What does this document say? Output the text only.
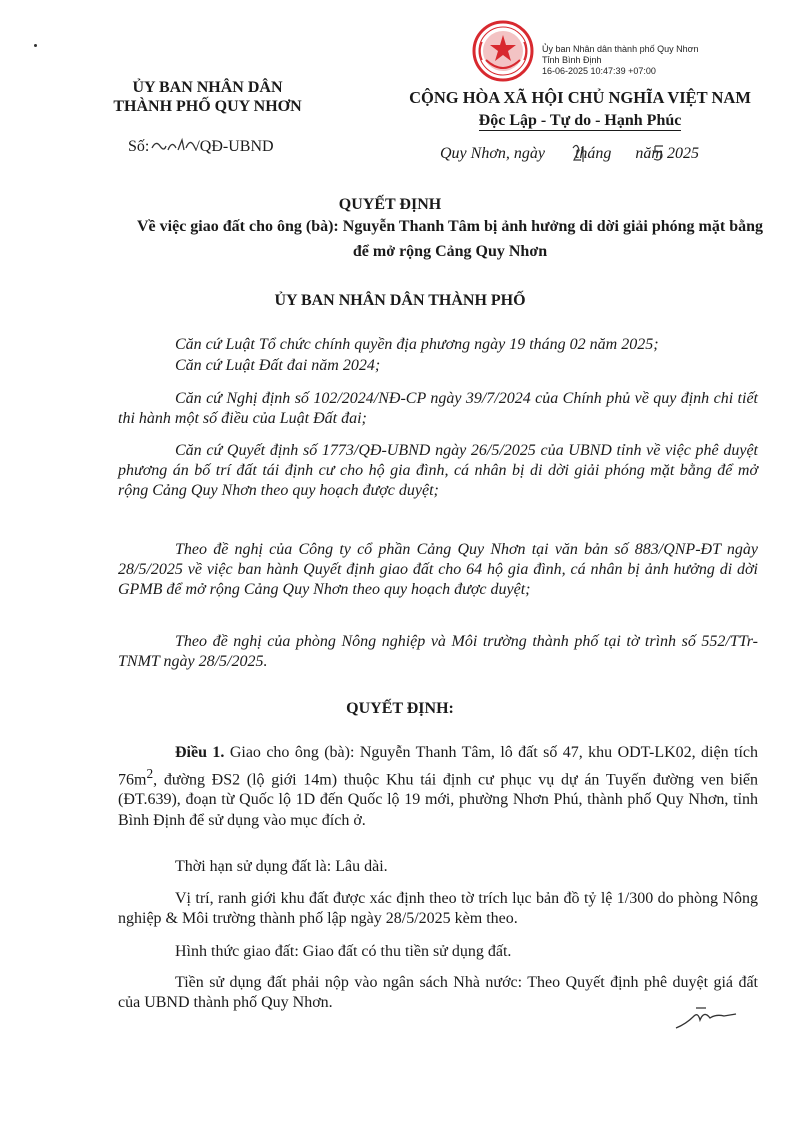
Ủy ban Nhân dân thành phố Quy Nhơn
Tỉnh Bình Định
16-06-2025 10:47:39 +07:00
ỦY BAN NHÂN DÂN
THÀNH PHỐ QUY NHƠN
Số:	/QĐ-UBND
CỘNG HÒA XÃ HỘI CHỦ NGHĨA VIỆT NAM
Độc Lập - Tự do - Hạnh Phúc
Quy Nhơn, ngày tháng năm 2025
QUYẾT ĐỊNH
Về việc giao đất cho ông (bà): Nguyễn Thanh Tâm bị ảnh hưởng di dời giải phóng mặt bằng để mở rộng Cảng Quy Nhơn
ỦY BAN NHÂN DÂN THÀNH PHỐ
Căn cứ Luật Tổ chức chính quyền địa phương ngày 19 tháng 02 năm 2025;
Căn cứ Luật Đất đai năm 2024;
Căn cứ Nghị định số 102/2024/NĐ-CP ngày 39/7/2024 của Chính phủ về quy định chi tiết thi hành một số điều của Luật Đất đai;
Căn cứ Quyết định số 1773/QĐ-UBND ngày 26/5/2025 của UBND tỉnh về việc phê duyệt phương án bố trí đất tái định cư cho hộ gia đình, cá nhân bị di dời giải phóng mặt bằng để mở rộng Cảng Quy Nhơn theo quy hoạch được duyệt;
Theo đề nghị của Công ty cổ phần Cảng Quy Nhơn tại văn bản số 883/QNP-ĐT ngày 28/5/2025 về việc ban hành Quyết định giao đất cho 64 hộ gia đình, cá nhân bị ảnh hưởng di dời GPMB để mở rộng Cảng Quy Nhơn theo quy hoạch được duyệt;
Theo đề nghị của phòng Nông nghiệp và Môi trường thành phố tại tờ trình số 552/TTr-TNMT ngày 28/5/2025.
QUYẾT ĐỊNH:
Điều 1. Giao cho ông (bà): Nguyễn Thanh Tâm, lô đất số 47, khu ODT-LK02, diện tích $76m^2$, đường ĐS2 (lộ giới 14m) thuộc Khu tái định cư phục vụ dự án Tuyến đường ven biển (ĐT.639), đoạn từ Quốc lộ 1D đến Quốc lộ 19 mới, phường Nhơn Phú, thành phố Quy Nhơn, tỉnh Bình Định để sử dụng vào mục đích ở.
Thời hạn sử dụng đất là: Lâu dài.
Vị trí, ranh giới khu đất được xác định theo tờ trích lục bản đồ tỷ lệ 1/300 do phòng Nông nghiệp & Môi trường thành phố lập ngày 28/5/2025 kèm theo.
Hình thức giao đất: Giao đất có thu tiền sử dụng đất.
Tiền sử dụng đất phải nộp vào ngân sách Nhà nước: Theo Quyết định phê duyệt giá đất của UBND thành phố Quy Nhơn.
